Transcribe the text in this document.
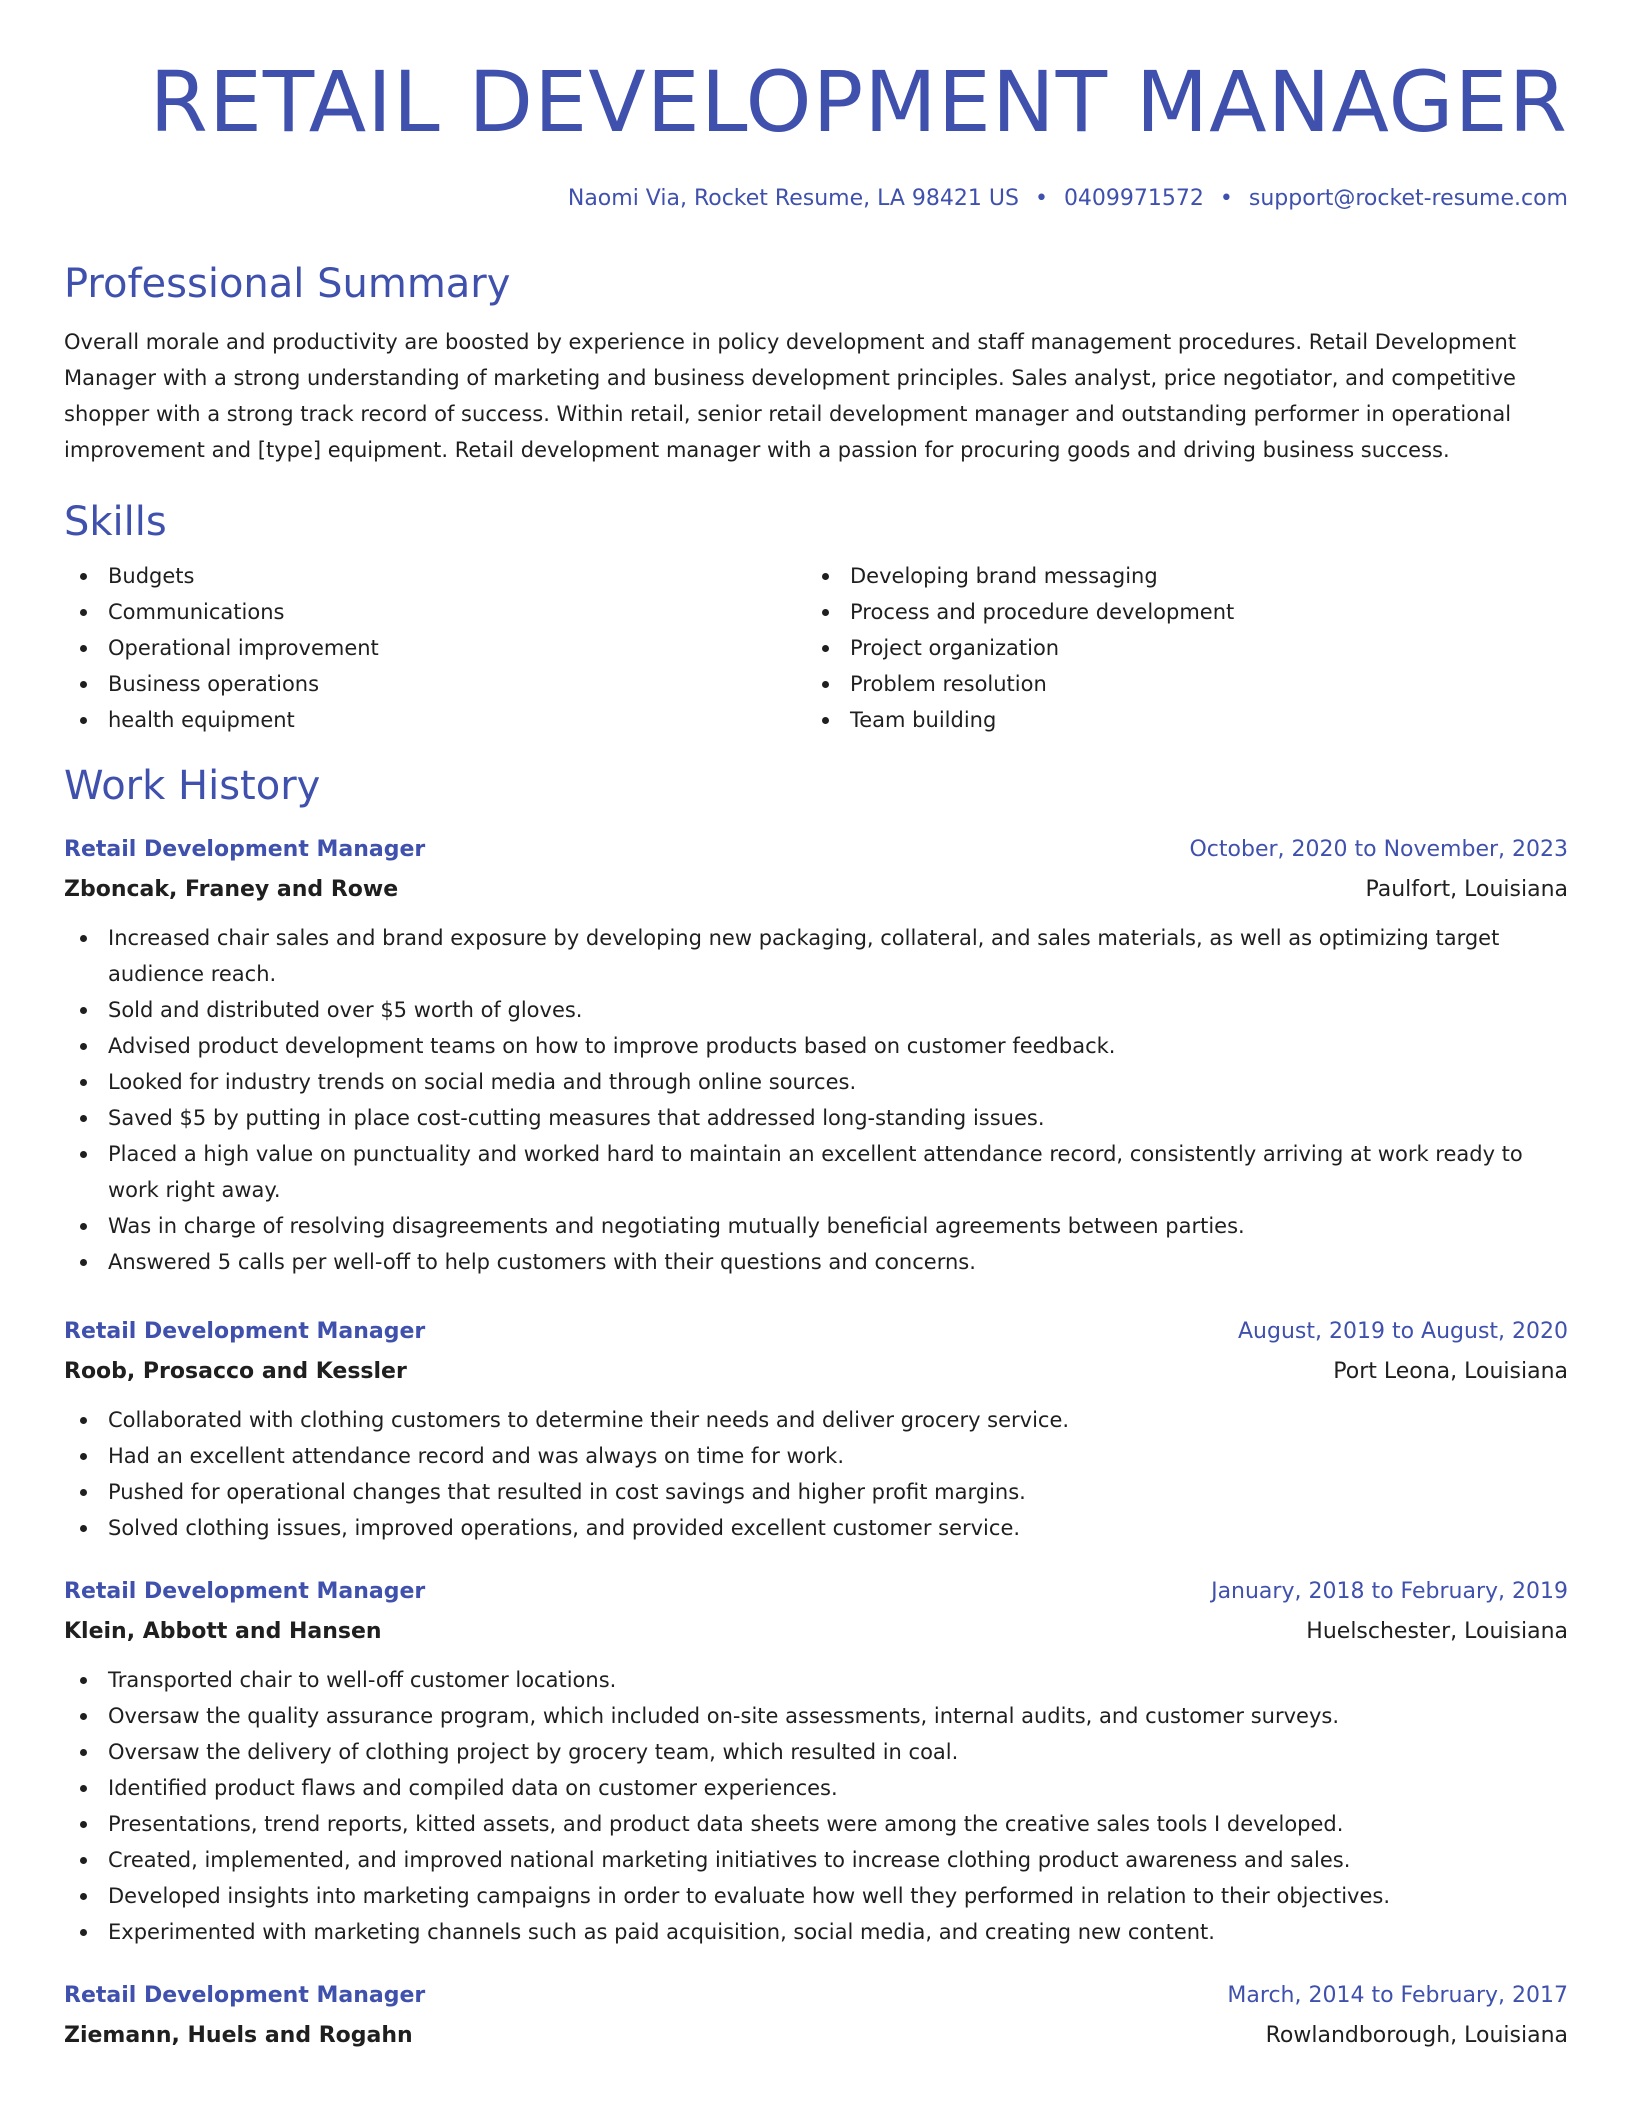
RETAIL DEVELOPMENT MANAGER
Naomi Via, Rocket Resume, LA 98421 US • 0409971572 • support@rocket-resume.com
Professional Summary
Overall morale and productivity are boosted by experience in policy development and staff management procedures. Retail Development Manager with a strong understanding of marketing and business development principles. Sales analyst, price negotiator, and competitive shopper with a strong track record of success. Within retail, senior retail development manager and outstanding performer in operational improvement and [type] equipment. Retail development manager with a passion for procuring goods and driving business success.
Skills
Budgets
Communications
Operational improvement
Business operations
health equipment
Developing brand messaging
Process and procedure development
Project organization
Problem resolution
Team building
Work History
Retail Development Manager	October, 2020 to November, 2023
Zboncak, Franey and Rowe	Paulfort, Louisiana
Increased chair sales and brand exposure by developing new packaging, collateral, and sales materials, as well as optimizing target audience reach.
Sold and distributed over $5 worth of gloves.
Advised product development teams on how to improve products based on customer feedback.
Looked for industry trends on social media and through online sources.
Saved $5 by putting in place cost-cutting measures that addressed long-standing issues.
Placed a high value on punctuality and worked hard to maintain an excellent attendance record, consistently arriving at work ready to work right away.
Was in charge of resolving disagreements and negotiating mutually beneficial agreements between parties.
Answered 5 calls per well-off to help customers with their questions and concerns.
Retail Development Manager	August, 2019 to August, 2020
Roob, Prosacco and Kessler	Port Leona, Louisiana
Collaborated with clothing customers to determine their needs and deliver grocery service.
Had an excellent attendance record and was always on time for work.
Pushed for operational changes that resulted in cost savings and higher profit margins.
Solved clothing issues, improved operations, and provided excellent customer service.
Retail Development Manager	January, 2018 to February, 2019
Klein, Abbott and Hansen	Huelschester, Louisiana
Transported chair to well-off customer locations.
Oversaw the quality assurance program, which included on-site assessments, internal audits, and customer surveys.
Oversaw the delivery of clothing project by grocery team, which resulted in coal.
Identified product flaws and compiled data on customer experiences.
Presentations, trend reports, kitted assets, and product data sheets were among the creative sales tools I developed.
Created, implemented, and improved national marketing initiatives to increase clothing product awareness and sales.
Developed insights into marketing campaigns in order to evaluate how well they performed in relation to their objectives.
Experimented with marketing channels such as paid acquisition, social media, and creating new content.
Retail Development Manager	March, 2014 to February, 2017
Ziemann, Huels and Rogahn	Rowlandborough, Louisiana
